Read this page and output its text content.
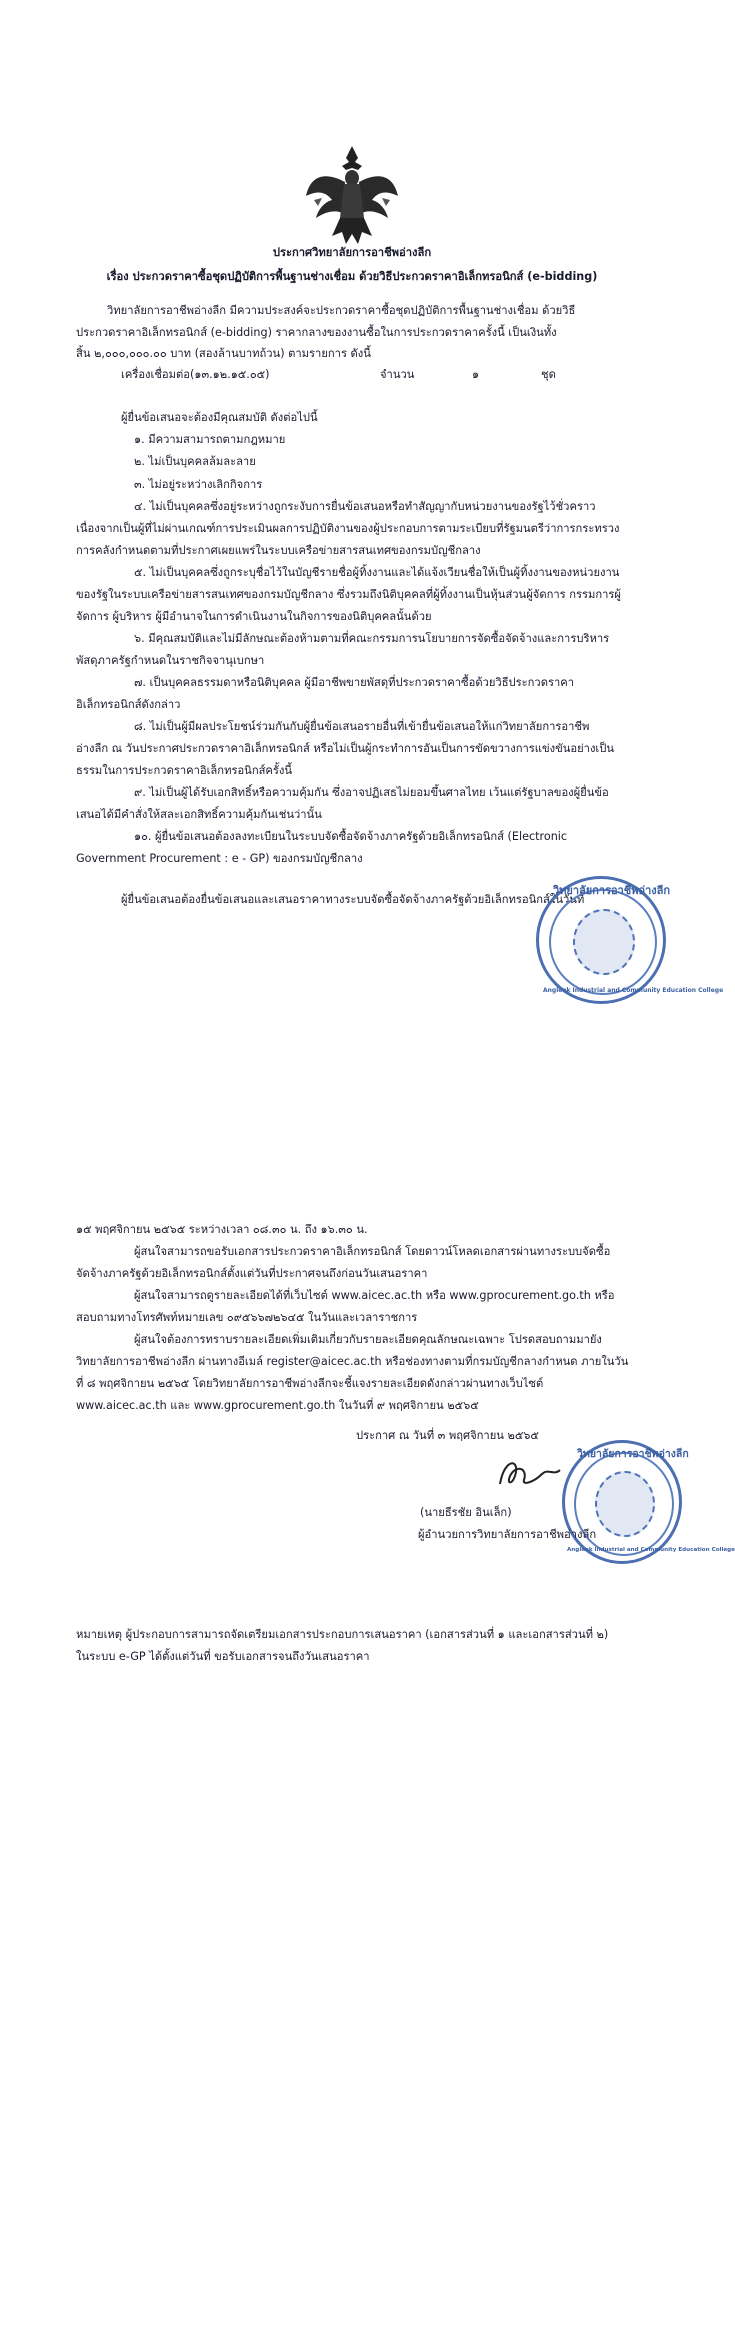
ประกาศวิทยาลัยการอาชีพอ่างลีก
เรื่อง ประกวดราคาซื้อชุดปฏิบัติการพื้นฐานช่างเชื่อม ด้วยวิธีประกวดราคาอิเล็กทรอนิกส์ (e-bidding)
วิทยาลัยการอาชีพอ่างลีก มีความประสงค์จะประกวดราคาซื้อชุดปฏิบัติการพื้นฐานช่างเชื่อม ด้วยวิธี
ประกวดราคาอิเล็กทรอนิกส์ (e-bidding) ราคากลางของงานซื้อในการประกวดราคาครั้งนี้ เป็นเงินทั้ง
สิ้น ๒,๐๐๐,๐๐๐.๐๐ บาท (สองล้านบาทถ้วน) ตามรายการ ดังนี้
เครื่องเชื่อมต่อ(๑๓.๑๒.๑๕.๐๕)	จำนวน	๑	ชุด
ผู้ยื่นข้อเสนอจะต้องมีคุณสมบัติ ดังต่อไปนี้
๑. มีความสามารถตามกฎหมาย
๒. ไม่เป็นบุคคลล้มละลาย
๓. ไม่อยู่ระหว่างเลิกกิจการ
๔. ไม่เป็นบุคคลซึ่งอยู่ระหว่างถูกระงับการยื่นข้อเสนอหรือทำสัญญากับหน่วยงานของรัฐไว้ชั่วคราว
เนื่องจากเป็นผู้ที่ไม่ผ่านเกณฑ์การประเมินผลการปฏิบัติงานของผู้ประกอบการตามระเบียบที่รัฐมนตรีว่าการกระทรวง
การคลังกำหนดตามที่ประกาศเผยแพร่ในระบบเครือข่ายสารสนเทศของกรมบัญชีกลาง
๕. ไม่เป็นบุคคลซึ่งถูกระบุชื่อไว้ในบัญชีรายชื่อผู้ทิ้งงานและได้แจ้งเวียนชื่อให้เป็นผู้ทิ้งงานของหน่วยงาน
ของรัฐในระบบเครือข่ายสารสนเทศของกรมบัญชีกลาง ซึ่งรวมถึงนิติบุคคลที่ผู้ทิ้งงานเป็นหุ้นส่วนผู้จัดการ กรรมการผู้
จัดการ ผู้บริหาร ผู้มีอำนาจในการดำเนินงานในกิจการของนิติบุคคลนั้นด้วย
๖. มีคุณสมบัติและไม่มีลักษณะต้องห้ามตามที่คณะกรรมการนโยบายการจัดซื้อจัดจ้างและการบริหาร
พัสดุภาครัฐกำหนดในราชกิจจานุเบกษา
๗. เป็นบุคคลธรรมดาหรือนิติบุคคล ผู้มีอาชีพขายพัสดุที่ประกวดราคาซื้อด้วยวิธีประกวดราคา
อิเล็กทรอนิกส์ดังกล่าว
๘. ไม่เป็นผู้มีผลประโยชน์ร่วมกันกับผู้ยื่นข้อเสนอรายอื่นที่เข้ายื่นข้อเสนอให้แก่วิทยาลัยการอาชีพ
อ่างลีก ณ วันประกาศประกวดราคาอิเล็กทรอนิกส์ หรือไม่เป็นผู้กระทำการอันเป็นการขัดขวางการแข่งขันอย่างเป็น
ธรรมในการประกวดราคาอิเล็กทรอนิกส์ครั้งนี้
๙. ไม่เป็นผู้ได้รับเอกสิทธิ์หรือความคุ้มกัน ซึ่งอาจปฏิเสธไม่ยอมขึ้นศาลไทย เว้นแต่รัฐบาลของผู้ยื่นข้อ
เสนอได้มีคำสั่งให้สละเอกสิทธิ์ความคุ้มกันเช่นว่านั้น
๑๐. ผู้ยื่นข้อเสนอต้องลงทะเบียนในระบบจัดซื้อจัดจ้างภาครัฐด้วยอิเล็กทรอนิกส์ (Electronic
Government Procurement : e - GP) ของกรมบัญชีกลาง
ผู้ยื่นข้อเสนอต้องยื่นข้อเสนอและเสนอราคาทางระบบจัดซื้อจัดจ้างภาครัฐด้วยอิเล็กทรอนิกส์ในวันที่
วิทยาลัยการอาชีพอ่างลีก
Angleek Industrial and Community Education College
๑๕ พฤศจิกายน ๒๕๖๕ ระหว่างเวลา ๐๘.๓๐ น. ถึง ๑๖.๓๐ น.
ผู้สนใจสามารถขอรับเอกสารประกวดราคาอิเล็กทรอนิกส์ โดยดาวน์โหลดเอกสารผ่านทางระบบจัดซื้อ
จัดจ้างภาครัฐด้วยอิเล็กทรอนิกส์ตั้งแต่วันที่ประกาศจนถึงก่อนวันเสนอราคา
ผู้สนใจสามารถดูรายละเอียดได้ที่เว็บไซต์ www.aicec.ac.th หรือ www.gprocurement.go.th หรือ
สอบถามทางโทรศัพท์หมายเลข ๐๙๕๖๖๗๒๖๔๕ ในวันและเวลาราชการ
ผู้สนใจต้องการทราบรายละเอียดเพิ่มเติมเกี่ยวกับรายละเอียดคุณลักษณะเฉพาะ โปรดสอบถามมายัง
วิทยาลัยการอาชีพอ่างลีก ผ่านทางอีเมล์ register@aicec.ac.th หรือช่องทางตามที่กรมบัญชีกลางกำหนด ภายในวัน
ที่ ๘ พฤศจิกายน ๒๕๖๕ โดยวิทยาลัยการอาชีพอ่างลีกจะชี้แจงรายละเอียดดังกล่าวผ่านทางเว็บไซต์
www.aicec.ac.th และ www.gprocurement.go.th ในวันที่ ๙ พฤศจิกายน ๒๕๖๕
ประกาศ ณ วันที่ ๓ พฤศจิกายน ๒๕๖๕
วิทยาลัยการอาชีพอ่างลีก
Angleek Industrial and Community Education College
(นายธีรชัย อินเล็ก)
ผู้อำนวยการวิทยาลัยการอาชีพอ่างลีก
หมายเหตุ ผู้ประกอบการสามารถจัดเตรียมเอกสารประกอบการเสนอราคา (เอกสารส่วนที่ ๑ และเอกสารส่วนที่ ๒)
ในระบบ e-GP ได้ตั้งแต่วันที่ ขอรับเอกสารจนถึงวันเสนอราคา
